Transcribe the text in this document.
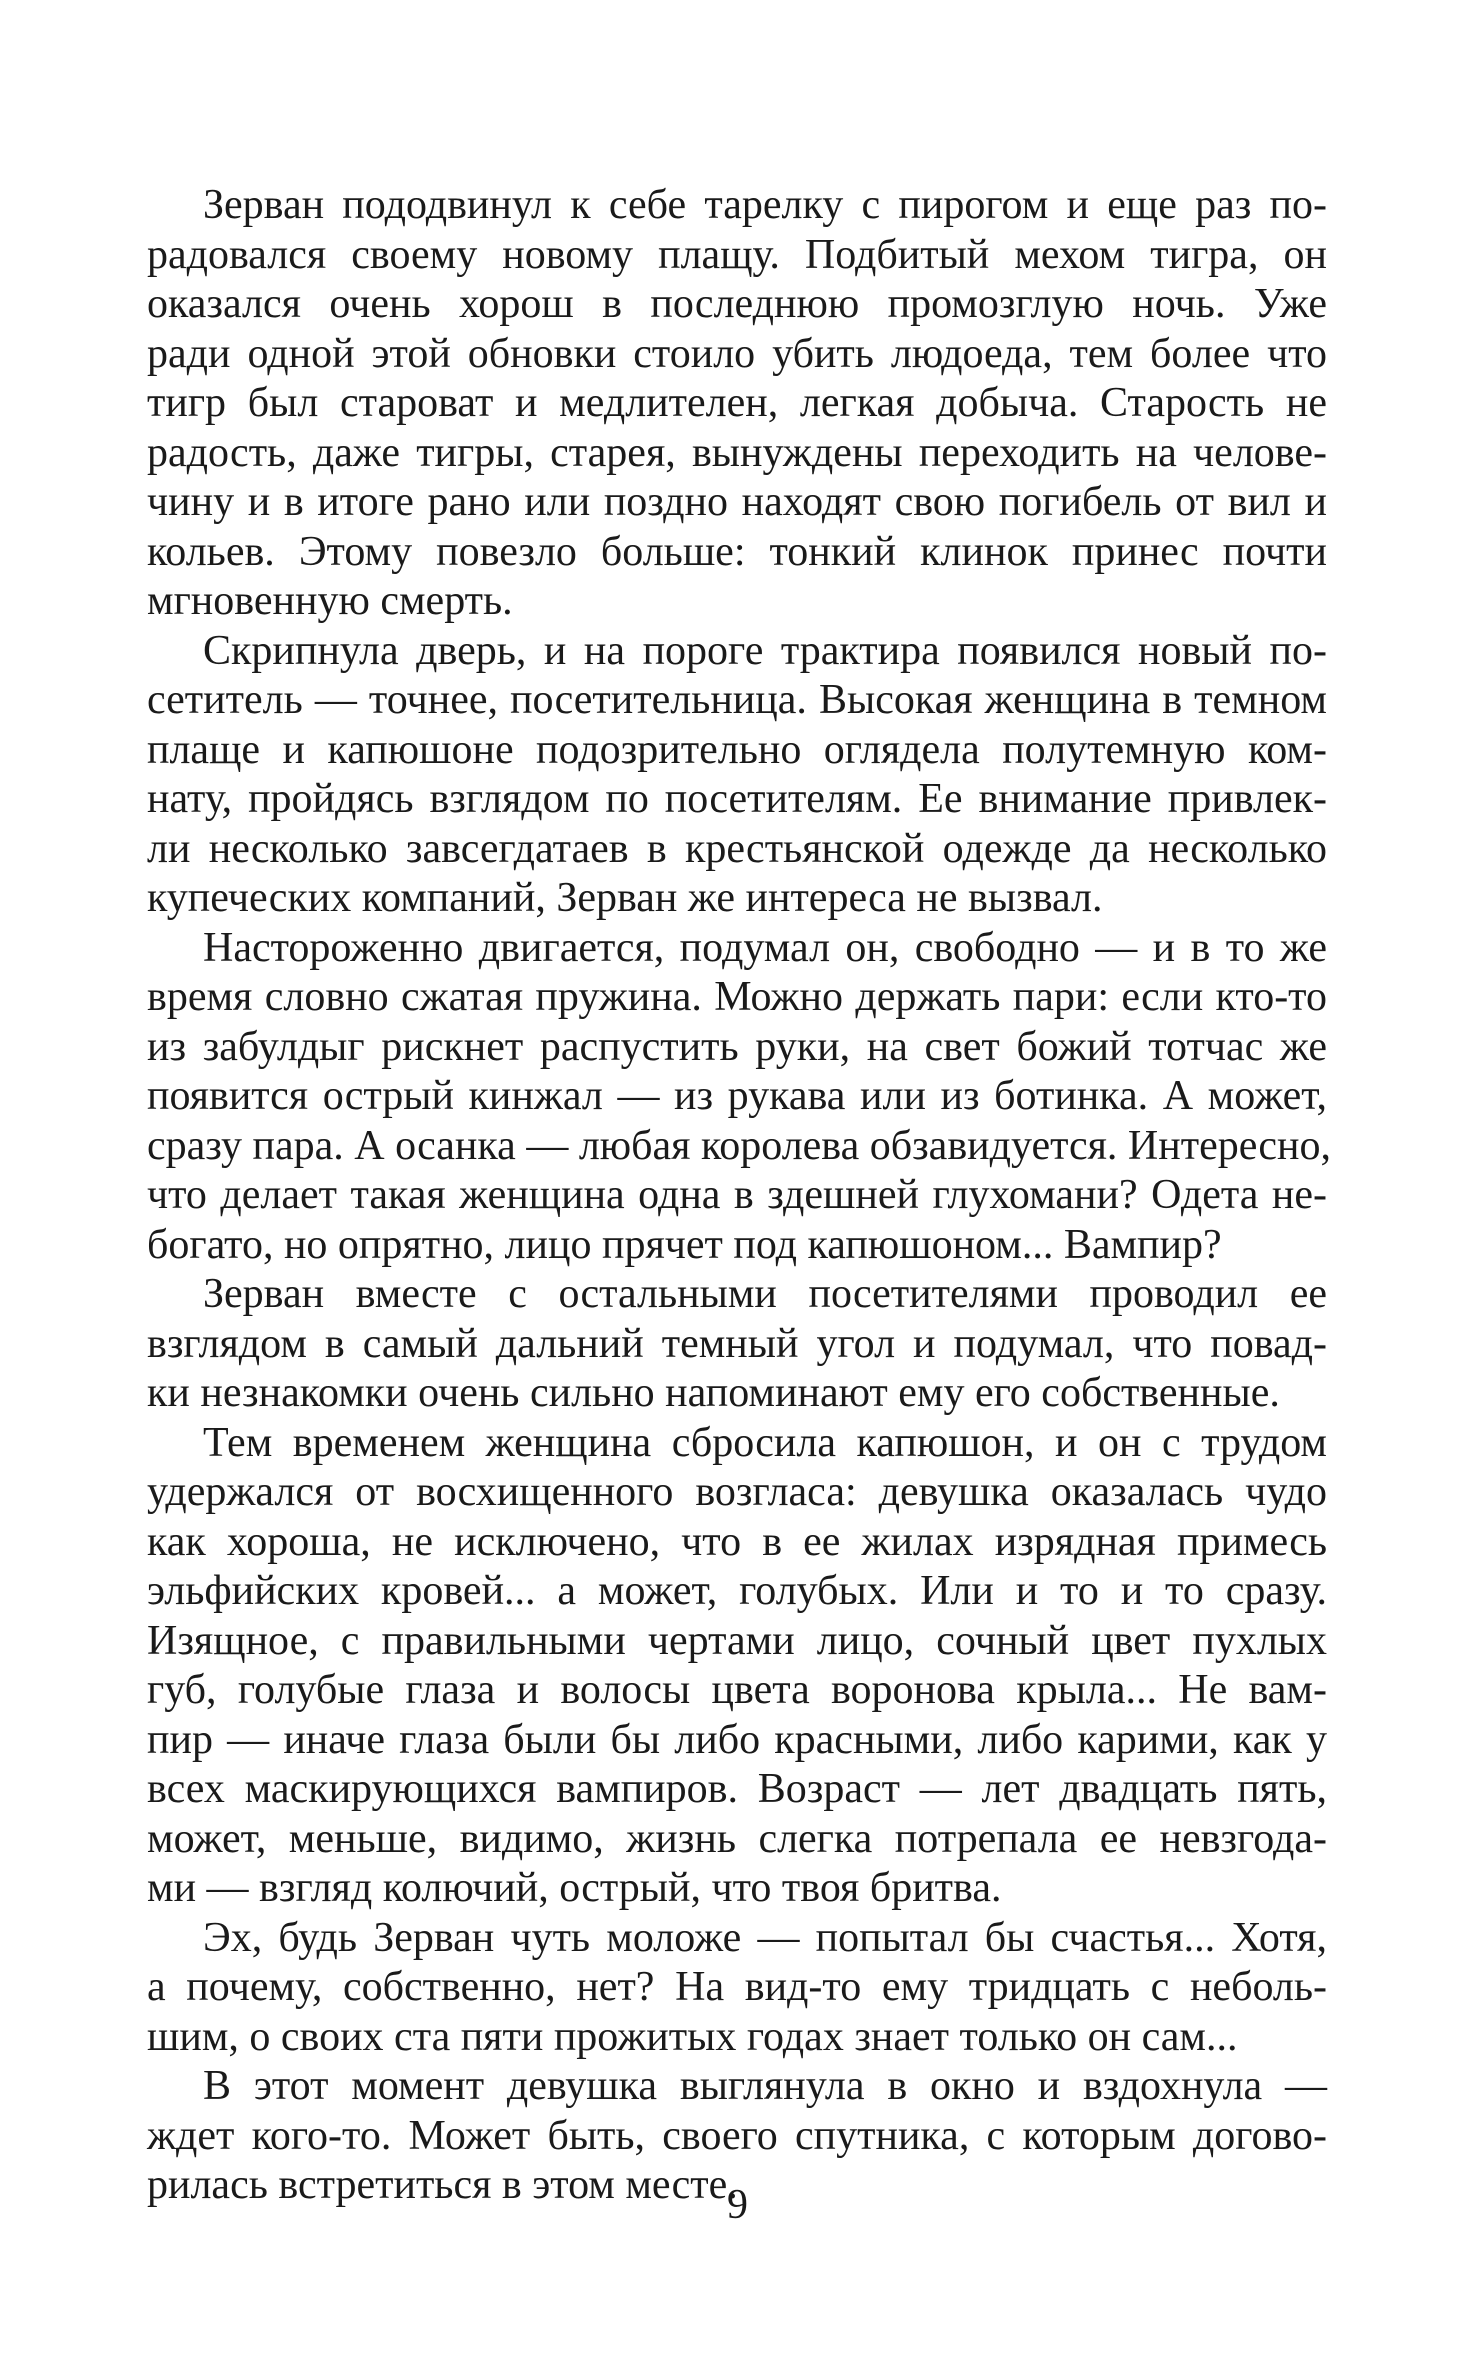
Зерван пододвинул к себе тарелку с пирогом и еще раз по-
радовался своему новому плащу. Подбитый мехом тигра, он
оказался очень хорош в последнюю промозглую ночь. Уже
ради одной этой обновки стоило убить людоеда, тем более что
тигр был староват и медлителен, легкая добыча. Старость не
радость, даже тигры, старея, вынуждены переходить на челове-
чину и в итоге рано или поздно находят свою погибель от вил и
кольев. Этому повезло больше: тонкий клинок принес почти
мгновенную смерть.
Скрипнула дверь, и на пороге трактира появился новый по-
сетитель — точнее, посетительница. Высокая женщина в темном
плаще и капюшоне подозрительно оглядела полутемную ком-
нату, пройдясь взглядом по посетителям. Ее внимание привлек-
ли несколько завсегдатаев в крестьянской одежде да несколько
купеческих компаний, Зерван же интереса не вызвал.
Настороженно двигается, подумал он, свободно — и в то же
время словно сжатая пружина. Можно держать пари: если кто-то
из забулдыг рискнет распустить руки, на свет божий тотчас же
появится острый кинжал — из рукава или из ботинка. А может,
сразу пара. А осанка — любая королева обзавидуется. Интересно,
что делает такая женщина одна в здешней глухомани? Одета не-
богато, но опрятно, лицо прячет под капюшоном... Вампир?
Зерван вместе с остальными посетителями проводил ее
взглядом в самый дальний темный угол и подумал, что повад-
ки незнакомки очень сильно напоминают ему его собственные.
Тем временем женщина сбросила капюшон, и он с трудом
удержался от восхищенного возгласа: девушка оказалась чудо
как хороша, не исключено, что в ее жилах изрядная примесь
эльфийских кровей... а может, голубых. Или и то и то сразу.
Изящное, с правильными чертами лицо, сочный цвет пухлых
губ, голубые глаза и волосы цвета воронова крыла... Не вам-
пир — иначе глаза были бы либо красными, либо карими, как у
всех маскирующихся вампиров. Возраст — лет двадцать пять,
может, меньше, видимо, жизнь слегка потрепала ее невзгода-
ми — взгляд колючий, острый, что твоя бритва.
Эх, будь Зерван чуть моложе — попытал бы счастья... Хотя,
а почему, собственно, нет? На вид-то ему тридцать с неболь-
шим, о своих ста пяти прожитых годах знает только он сам...
В этот момент девушка выглянула в окно и вздохнула —
ждет кого-то. Может быть, своего спутника, с которым догово-
рилась встретиться в этом месте.
9
